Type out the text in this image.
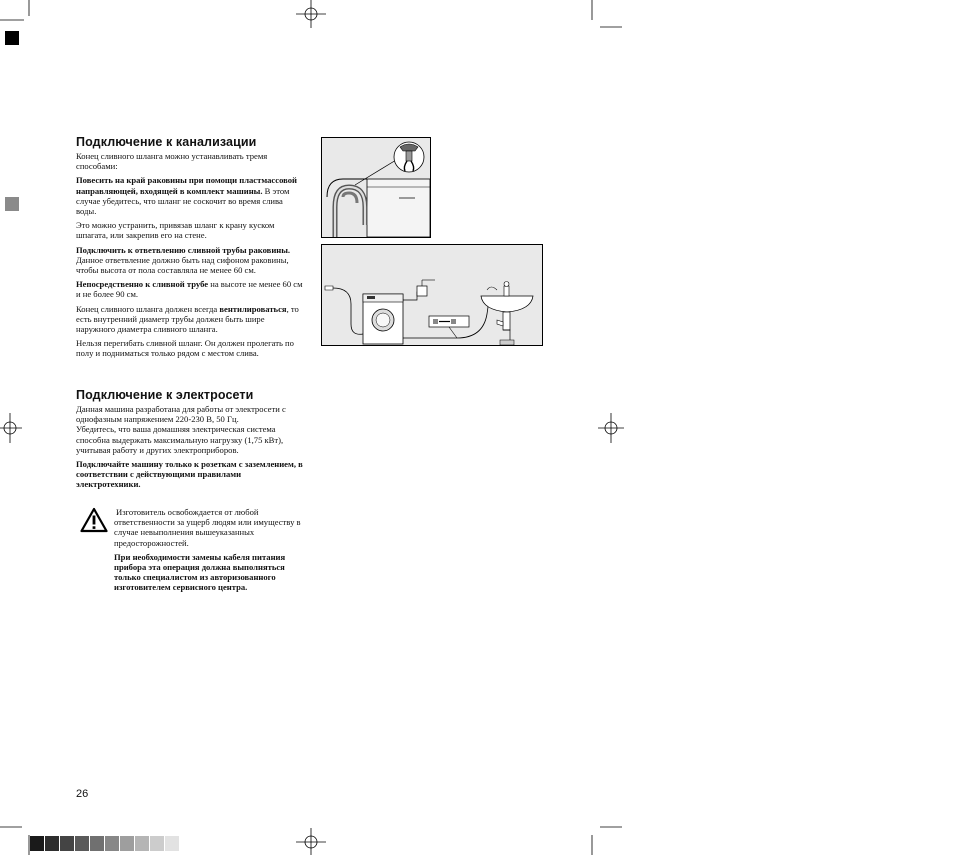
Подключение к канализации

Конец сливного шланга можно устанавливать тремя способами:

Повесить на край раковины при помощи пластмассовой направляющей, входящей в комплект машины. В этом случае убедитесь, что шланг не соскочит во время слива воды.

Это можно устранить, привязав шланг к крану куском шпагата, или закрепив его на стене.

Подключить к ответвлению сливной трубы раковины. Данное ответвление должно быть над сифоном раковины, чтобы высота от пола составляла не менее 60 см.

Непосредственно к сливной трубе на высоте не менее 60 см и не более 90 см.

Конец сливного шланга должен всегда вентилироваться, то есть внутренний диаметр трубы должен быть шире наружного диаметра сливного шланга.

Нельзя перегибать сливной шланг. Он должен пролегать по полу и подниматься только рядом с местом слива.

Подключение к электросети

Данная машина разработана для работы от электросети с однофазным напряжением 220-230 В, 50 Гц.

Убедитесь, что ваша домашняя электрическая система способна выдержать максимальную нагрузку (1,75 кВт), учитывая работу и других электроприборов.

Подключайте машину только к розеткам с заземлением, в соответствии с действующими правилами электротехники.

Изготовитель освобождается от любой ответственности за ущерб людям или имуществу в случае невыполнения вышеуказанных предосторожностей.

При необходимости замены кабеля питания прибора эта операция должна выполняться только специалистом из авторизованного изготовителем сервисного центра.

26
